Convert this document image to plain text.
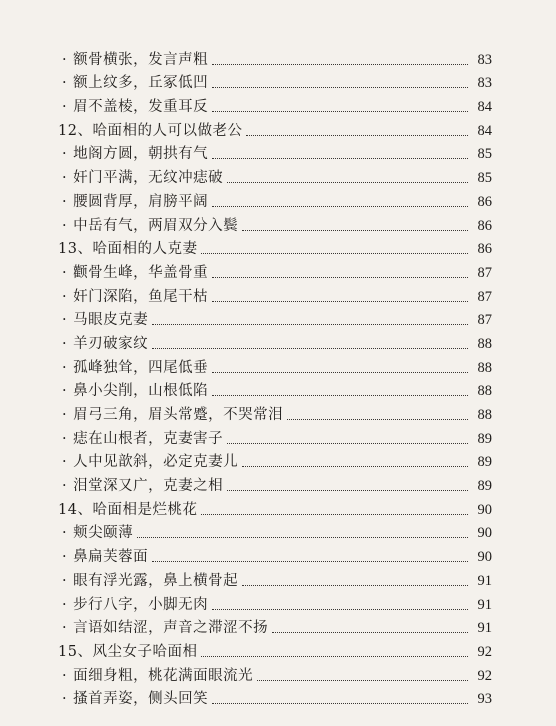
· 额骨横张，发言声粗	83
· 额上纹多，丘冢低凹	83
· 眉不盖棱，发重耳反	84
12、哈面相的人可以做老公	84
· 地阁方圆，朝拱有气	85
· 奸门平满，无纹冲痣破	85
· 腰圆背厚，肩膀平阔	86
· 中岳有气，两眉双分入鬓	86
13、哈面相的人克妻	86
· 颧骨生峰，华盖骨重	87
· 奸门深陷，鱼尾干枯	87
· 马眼皮克妻	87
· 羊刃破家纹	88
· 孤峰独耸，四尾低垂	88
· 鼻小尖削，山根低陷	88
· 眉弓三角，眉头常蹙，不哭常泪	88
· 痣在山根者，克妻害子	89
· 人中见歆斜，必定克妻儿	89
· 泪堂深又广，克妻之相	89
14、哈面相是烂桃花	90
· 颊尖颐薄	90
· 鼻扁芙蓉面	90
· 眼有浮光露，鼻上横骨起	91
· 步行八字，小脚无肉	91
· 言语如结涩，声音之滞涩不扬	91
15、风尘女子哈面相	92
· 面细身粗，桃花满面眼流光	92
· 搔首弄姿，侧头回笑	93
